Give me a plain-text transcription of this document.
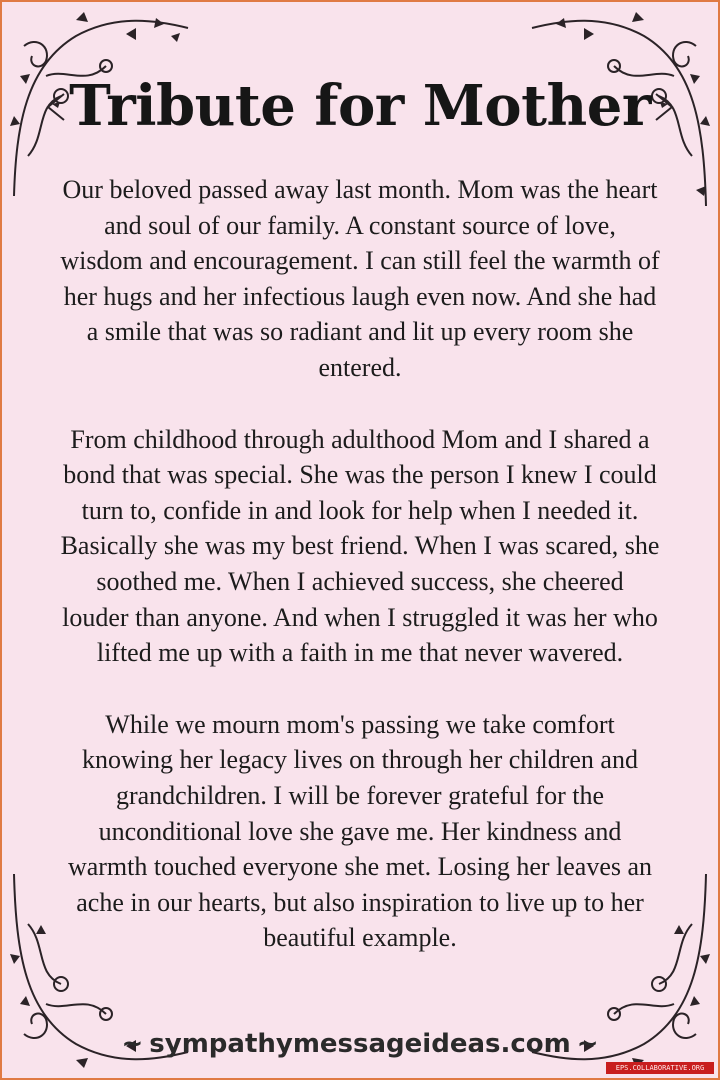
Tribute for Mother

Our beloved passed away last month. Mom was the heart and soul of our family. A constant source of love, wisdom and encouragement. I can still feel the warmth of her hugs and her infectious laugh even now. And she had a smile that was so radiant and lit up every room she entered.

From childhood through adulthood Mom and I shared a bond that was special. She was the person I knew I could turn to, confide in and look for help when I needed it. Basically she was my best friend. When I was scared, she soothed me. When I achieved success, she cheered louder than anyone. And when I struggled it was her who lifted me up with a faith in me that never wavered.

While we mourn mom's passing we take comfort knowing her legacy lives on through her children and grandchildren. I will be forever grateful for the unconditional love she gave me. Her kindness and warmth touched everyone she met. Losing her leaves an ache in our hearts, but also inspiration to live up to her beautiful example.

~ sympathymessageideas.com ~
EPS.COLLABORATIVE.ORG
